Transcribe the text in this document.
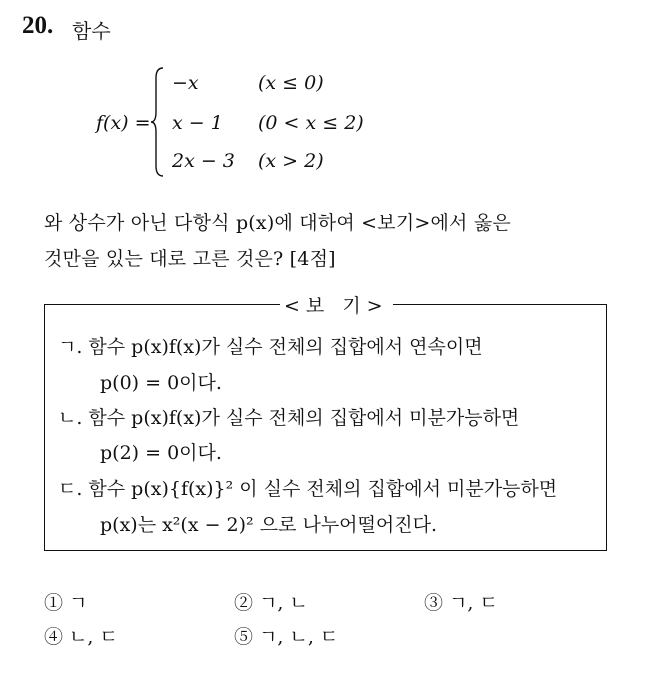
20. 함수
f(x) =
−x	(x ≤ 0)
x − 1 (0 < x ≤ 2)
2x − 3 (x > 2)
와 상수가 아닌 다항식 p(x)에 대하여 <보기>에서 옳은
것만을 있는 대로 고른 것은? [4점]
<보 기>
ㄱ. 함수 p(x)f(x)가 실수 전체의 집합에서 연속이면
p(0) = 0이다.
ㄴ. 함수 p(x)f(x)가 실수 전체의 집합에서 미분가능하면
p(2) = 0이다.
ㄷ. 함수 p(x){f(x)}² 이 실수 전체의 집합에서 미분가능하면
p(x)는 x²(x − 2)² 으로 나누어떨어진다.
① ㄱ	② ㄱ, ㄴ	③ ㄱ, ㄷ
④ ㄴ, ㄷ	⑤ ㄱ, ㄴ, ㄷ
